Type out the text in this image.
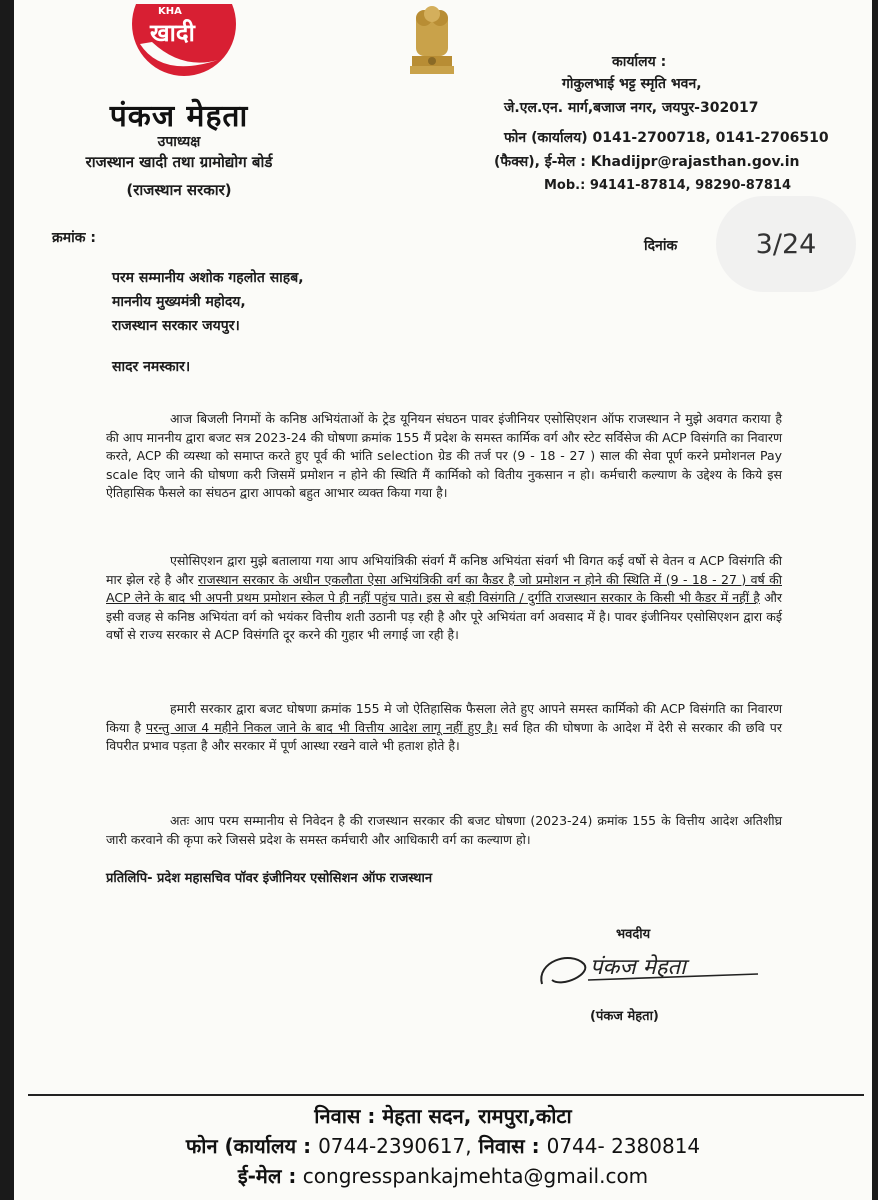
KHA
खादी
पंकज मेहता
उपाध्यक्ष
राजस्थान खादी तथा ग्रामोद्योग बोर्ड
(राजस्थान सरकार)
कार्यालय :
गोकुलभाई भट्ट स्मृति भवन,
जे.एल.एन. मार्ग,बजाज नगर, जयपुर-302017
फोन (कार्यालय) 0141-2700718, 0141-2706510
(फैक्स), ई-मेल : Khadijpr@rajasthan.gov.in
Mob.: 94141-87814, 98290-87814
क्रमांक :	दिनांक
परम सम्मानीय अशोक गहलोत साहब,
माननीय मुख्यमंत्री महोदय,
राजस्थान सरकार जयपुर।
सादर नमस्कार।
आज बिजली निगमों के कनिष्ठ अभियंताओं के ट्रेड यूनियन संघठन पावर इंजीनियर एसोसिएशन ऑफ राजस्थान ने मुझे अवगत कराया है की आप माननीय द्वारा बजट सत्र 2023-24 की घोषणा क्रमांक 155 मैं प्रदेश के समस्त कार्मिक वर्ग और स्टेट सर्विसेज की ACP विसंगति का निवारण करते, ACP की व्यस्था को समाप्त करते हुए पूर्व की भांति selection ग्रेड की तर्ज पर (9 - 18 - 27 ) साल की सेवा पूर्ण करने प्रमोशनल Pay scale दिए जाने की घोषणा करी जिसमें प्रमोशन न होने की स्थिति मैं कार्मिको को वितीय नुकसान न हो। कर्मचारी कल्याण के उद्देश्य के किये इस ऐतिहासिक फैसले का संघठन द्वारा आपको बहुत आभार व्यक्त किया गया है।
एसोसिएशन द्वारा मुझे बतालाया गया आप अभियांत्रिकी संवर्ग मैं कनिष्ठ अभियंता संवर्ग भी विगत कई वर्षो से वेतन व ACP विसंगति की मार झेल रहे है और राजस्थान सरकार के अधीन एकलौता ऐसा अभियंत्रिकी वर्ग का कैडर है जो प्रमोशन न होने की स्थिति में (9 - 18 - 27 ) वर्ष की ACP लेने के बाद भी अपनी प्रथम प्रमोशन स्केल पे ही नहीं पहुंच पाते। इस से बड़ी विसंगति / दुर्गति राजस्थान सरकार के किसी भी कैडर में नहीं है और इसी वजह से कनिष्ठ अभियंता वर्ग को भयंकर वित्तीय शती उठानी पड़ रही है और पूरे अभियंता वर्ग अवसाद में है। पावर इंजीनियर एसोसिएशन द्वारा कई वर्षो से राज्य सरकार से ACP विसंगति दूर करने की गुहार भी लगाई जा रही है।
हमारी सरकार द्वारा बजट घोषणा क्रमांक 155 मे जो ऐतिहासिक फैसला लेते हुए आपने समस्त कार्मिको की ACP विसंगति का निवारण किया है परन्तु आज 4 महीने निकल जाने के बाद भी वित्तीय आदेश लागू नहीं हुए है। सर्व हित की घोषणा के आदेश में देरी से सरकार की छवि पर विपरीत प्रभाव पड़ता है और सरकार में पूर्ण आस्था रखने वाले भी हताश होते है।
अतः आप परम सम्मानीय से निवेदन है की राजस्थान सरकार की बजट घोषणा (2023-24) क्रमांक 155 के वित्तीय आदेश अतिशीघ्र जारी करवाने की कृपा करे जिससे प्रदेश के समस्त कर्मचारी और आधिकारी वर्ग का कल्याण हो।
प्रतिलिपि- प्रदेश महासचिव पॉवर इंजीनियर एसोसिशन ऑफ राजस्थान
भवदीय
पंकज मेहता
(पंकज मेहता)
निवास : मेहता सदन, रामपुरा,कोटा
फोन (कार्यालय : 0744-2390617, निवास : 0744- 2380814
ई-मेल : congresspankajmehta@gmail.com
3/24
